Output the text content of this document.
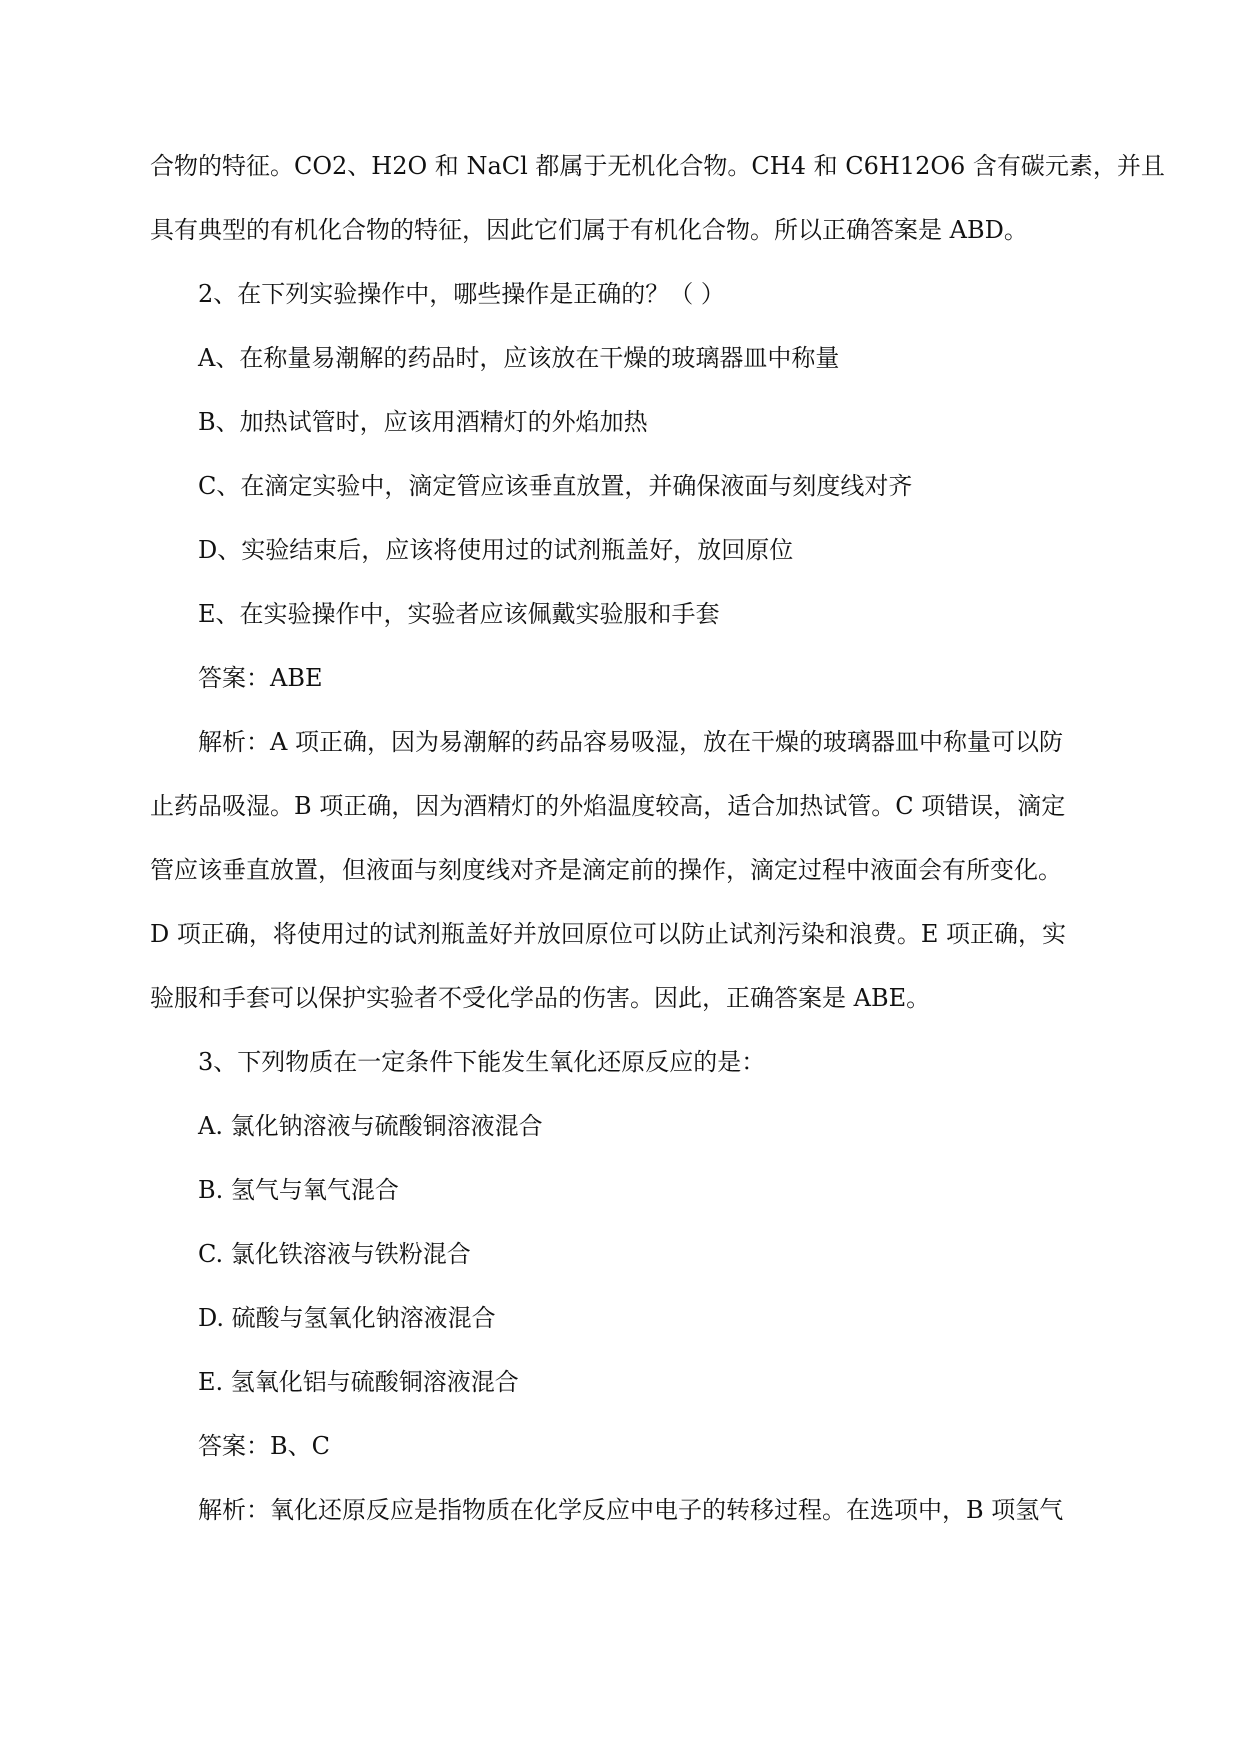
合物的特征。CO2、H2O 和 NaCl 都属于无机化合物。CH4 和 C6H12O6 含有碳元素，并且
具有典型的有机化合物的特征，因此它们属于有机化合物。所以正确答案是 ABD。
2、在下列实验操作中，哪些操作是正确的？（ ）
A、在称量易潮解的药品时，应该放在干燥的玻璃器皿中称量
B、加热试管时，应该用酒精灯的外焰加热
C、在滴定实验中，滴定管应该垂直放置，并确保液面与刻度线对齐
D、实验结束后，应该将使用过的试剂瓶盖好，放回原位
E、在实验操作中，实验者应该佩戴实验服和手套
答案：ABE
解析：A 项正确，因为易潮解的药品容易吸湿，放在干燥的玻璃器皿中称量可以防
止药品吸湿。B 项正确，因为酒精灯的外焰温度较高，适合加热试管。C 项错误，滴定
管应该垂直放置，但液面与刻度线对齐是滴定前的操作，滴定过程中液面会有所变化。
D 项正确，将使用过的试剂瓶盖好并放回原位可以防止试剂污染和浪费。E 项正确，实
验服和手套可以保护实验者不受化学品的伤害。因此，正确答案是 ABE。
3、下列物质在一定条件下能发生氧化还原反应的是：
A. 氯化钠溶液与硫酸铜溶液混合
B. 氢气与氧气混合
C. 氯化铁溶液与铁粉混合
D. 硫酸与氢氧化钠溶液混合
E. 氢氧化铝与硫酸铜溶液混合
答案：B、C
解析：氧化还原反应是指物质在化学反应中电子的转移过程。在选项中，B 项氢气
